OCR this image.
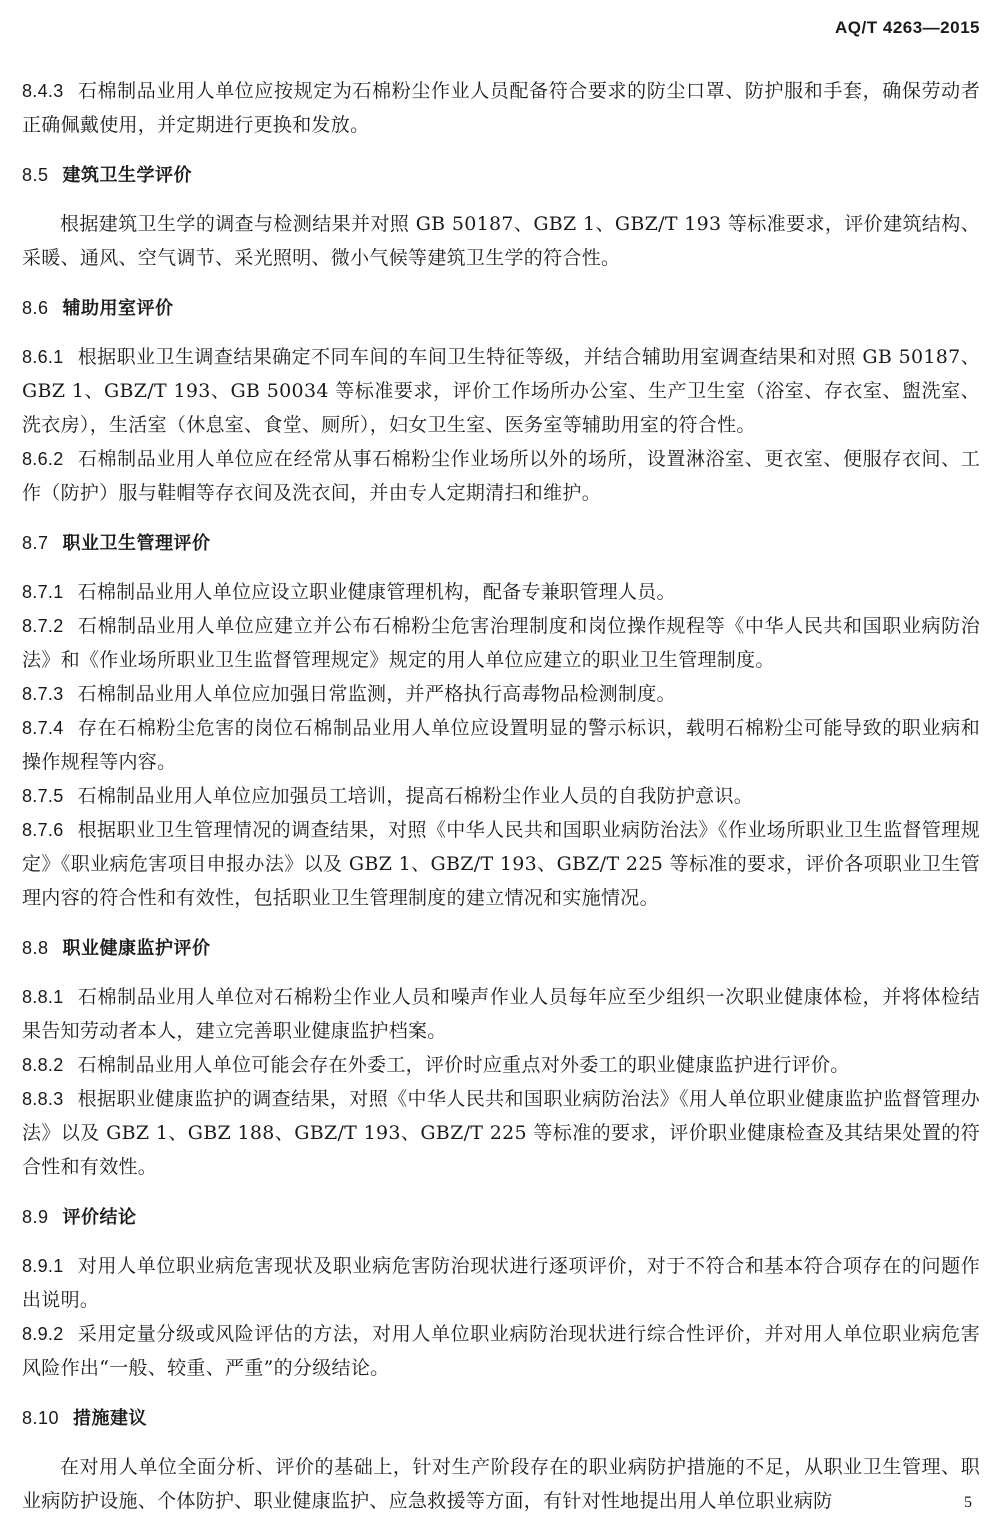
AQ/T 4263—2015
8.4.3 石棉制品业用人单位应按规定为石棉粉尘作业人员配备符合要求的防尘口罩、防护服和手套，确保劳动者正确佩戴使用，并定期进行更换和发放。
8.5 建筑卫生学评价
根据建筑卫生学的调查与检测结果并对照 GB 50187、GBZ 1、GBZ/T 193 等标准要求，评价建筑结构、采暖、通风、空气调节、采光照明、微小气候等建筑卫生学的符合性。
8.6 辅助用室评价
8.6.1 根据职业卫生调查结果确定不同车间的车间卫生特征等级，并结合辅助用室调查结果和对照 GB 50187、GBZ 1、GBZ/T 193、GB 50034 等标准要求，评价工作场所办公室、生产卫生室（浴室、存衣室、盥洗室、洗衣房），生活室（休息室、食堂、厕所），妇女卫生室、医务室等辅助用室的符合性。
8.6.2 石棉制品业用人单位应在经常从事石棉粉尘作业场所以外的场所，设置淋浴室、更衣室、便服存衣间、工作（防护）服与鞋帽等存衣间及洗衣间，并由专人定期清扫和维护。
8.7 职业卫生管理评价
8.7.1 石棉制品业用人单位应设立职业健康管理机构，配备专兼职管理人员。
8.7.2 石棉制品业用人单位应建立并公布石棉粉尘危害治理制度和岗位操作规程等《中华人民共和国职业病防治法》和《作业场所职业卫生监督管理规定》规定的用人单位应建立的职业卫生管理制度。
8.7.3 石棉制品业用人单位应加强日常监测，并严格执行高毒物品检测制度。
8.7.4 存在石棉粉尘危害的岗位石棉制品业用人单位应设置明显的警示标识，载明石棉粉尘可能导致的职业病和操作规程等内容。
8.7.5 石棉制品业用人单位应加强员工培训，提高石棉粉尘作业人员的自我防护意识。
8.7.6 根据职业卫生管理情况的调查结果，对照《中华人民共和国职业病防治法》《作业场所职业卫生监督管理规定》《职业病危害项目申报办法》以及 GBZ 1、GBZ/T 193、GBZ/T 225 等标准的要求，评价各项职业卫生管理内容的符合性和有效性，包括职业卫生管理制度的建立情况和实施情况。
8.8 职业健康监护评价
8.8.1 石棉制品业用人单位对石棉粉尘作业人员和噪声作业人员每年应至少组织一次职业健康体检，并将体检结果告知劳动者本人，建立完善职业健康监护档案。
8.8.2 石棉制品业用人单位可能会存在外委工，评价时应重点对外委工的职业健康监护进行评价。
8.8.3 根据职业健康监护的调查结果，对照《中华人民共和国职业病防治法》《用人单位职业健康监护监督管理办法》以及 GBZ 1、GBZ 188、GBZ/T 193、GBZ/T 225 等标准的要求，评价职业健康检查及其结果处置的符合性和有效性。
8.9 评价结论
8.9.1 对用人单位职业病危害现状及职业病危害防治现状进行逐项评价，对于不符合和基本符合项存在的问题作出说明。
8.9.2 采用定量分级或风险评估的方法，对用人单位职业病防治现状进行综合性评价，并对用人单位职业病危害风险作出“一般、较重、严重”的分级结论。
8.10 措施建议
在对用人单位全面分析、评价的基础上，针对生产阶段存在的职业病防护措施的不足，从职业卫生管理、职业病防护设施、个体防护、职业健康监护、应急救援等方面，有针对性地提出用人单位职业病防	5
